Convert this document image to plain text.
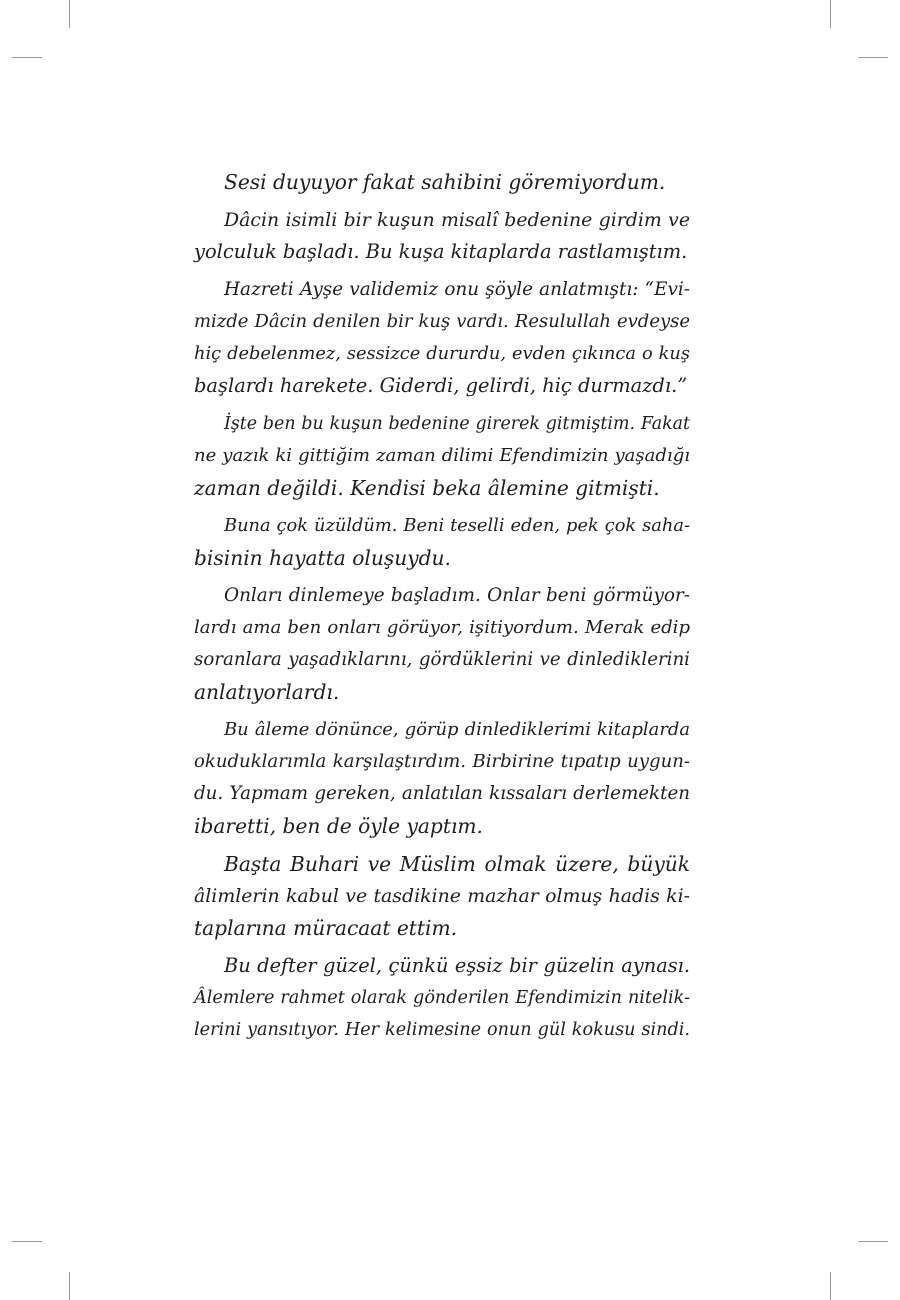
Sesi duyuyor fakat sahibini göremiyordum.
Dâcin isimli bir kuşun misalî bedenine girdim ve
yolculuk başladı. Bu kuşa kitaplarda rastlamıştım.
Hazreti Ayşe validemiz onu şöyle anlatmıştı: “Evi-
mizde Dâcin denilen bir kuş vardı. Resulullah evdeyse
hiç debelenmez, sessizce dururdu, evden çıkınca o kuş
başlardı harekete. Giderdi, gelirdi, hiç durmazdı.”
İşte ben bu kuşun bedenine girerek gitmiştim. Fakat
ne yazık ki gittiğim zaman dilimi Efendimizin yaşadığı
zaman değildi. Kendisi beka âlemine gitmişti.
Buna çok üzüldüm. Beni teselli eden, pek çok saha-
bisinin hayatta oluşuydu.
Onları dinlemeye başladım. Onlar beni görmüyor-
lardı ama ben onları görüyor, işitiyordum. Merak edip
soranlara yaşadıklarını, gördüklerini ve dinlediklerini
anlatıyorlardı.
Bu âleme dönünce, görüp dinlediklerimi kitaplarda
okuduklarımla karşılaştırdım. Birbirine tıpatıp uygun-
du. Yapmam gereken, anlatılan kıssaları derlemekten
ibaretti, ben de öyle yaptım.
Başta Buhari ve Müslim olmak üzere, büyük
âlimlerin kabul ve tasdikine mazhar olmuş hadis ki-
taplarına müracaat ettim.
Bu defter güzel, çünkü eşsiz bir güzelin aynası.
Âlemlere rahmet olarak gönderilen Efendimizin nitelik-
lerini yansıtıyor. Her kelimesine onun gül kokusu sindi.
